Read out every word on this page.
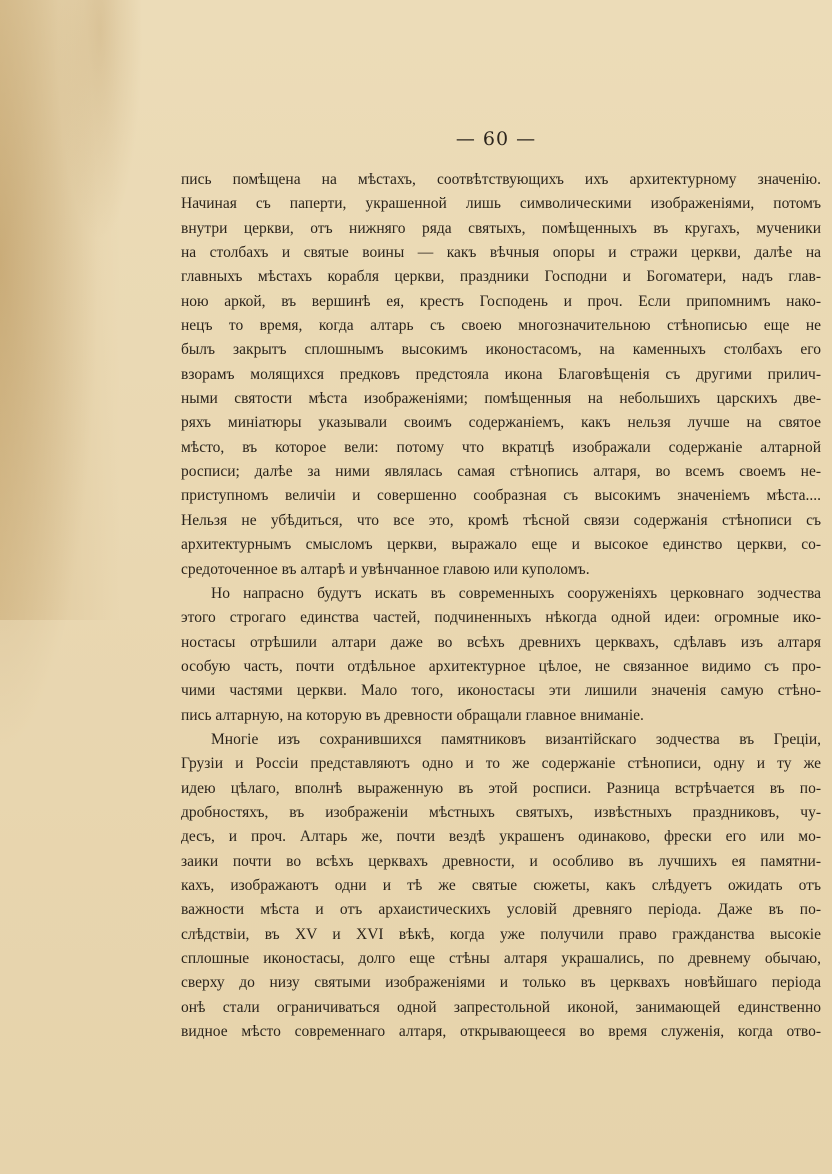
— 60 —
пись помѣщена на мѣстахъ, соотвѣтствующихъ ихъ архитектурному значенію.
Начиная съ паперти, украшенной лишь символическими изображеніями, потомъ
внутри церкви, отъ нижняго ряда святыхъ, помѣщенныхъ въ кругахъ, мученики
на столбахъ и святые воины — какъ вѣчныя опоры и стражи церкви, далѣе на
главныхъ мѣстахъ корабля церкви, праздники Господни и Богоматери, надъ глав-
ною аркой, въ вершинѣ ея, крестъ Господень и проч. Если припомнимъ нако-
нецъ то время, когда алтарь съ своею многозначительною стѣнописью еще не
былъ закрытъ сплошнымъ высокимъ иконостасомъ, на каменныхъ столбахъ его
взорамъ молящихся предковъ предстояла икона Благовѣщенія съ другими прилич-
ными святости мѣста изображеніями; помѣщенныя на небольшихъ царскихъ две-
ряхъ миніатюры указывали своимъ содержаніемъ, какъ нельзя лучше на святое
мѣсто, въ которое вели: потому что вкратцѣ изображали содержаніе алтарной
росписи; далѣе за ними являлась самая стѣнопись алтаря, во всемъ своемъ не-
приступномъ величіи и совершенно сообразная съ высокимъ значеніемъ мѣста....
Нельзя не убѣдиться, что все это, кромѣ тѣсной связи содержанія стѣнописи съ
архитектурнымъ смысломъ церкви, выражало еще и высокое единство церкви, со-
средоточенное въ алтарѣ и увѣнчанное главою или куполомъ.
Но напрасно будутъ искать въ современныхъ сооруженіяхъ церковнаго зодчества
этого строгаго единства частей, подчиненныхъ нѣкогда одной идеи: огромные ико-
ностасы отрѣшили алтари даже во всѣхъ древнихъ церквахъ, сдѣлавъ изъ алтаря
особую часть, почти отдѣльное архитектурное цѣлое, не связанное видимо съ про-
чими частями церкви. Мало того, иконостасы эти лишили значенія самую стѣно-
пись алтарную, на которую въ древности обращали главное вниманіе.
Многіе изъ сохранившихся памятниковъ византійскаго зодчества въ Греціи,
Грузіи и Россіи представляютъ одно и то же содержаніе стѣнописи, одну и ту же
идею цѣлаго, вполнѣ выраженную въ этой росписи. Разница встрѣчается въ по-
дробностяхъ, въ изображеніи мѣстныхъ святыхъ, извѣстныхъ праздниковъ, чу-
десъ, и проч. Алтарь же, почти вездѣ украшенъ одинаково, фрески его или мо-
заики почти во всѣхъ церквахъ древности, и особливо въ лучшихъ ея памятни-
кахъ, изображаютъ одни и тѣ же святые сюжеты, какъ слѣдуетъ ожидать отъ
важности мѣста и отъ архаистическихъ условій древняго періода. Даже въ по-
слѣдствіи, въ XV и XVI вѣкѣ, когда уже получили право гражданства высокіе
сплошные иконостасы, долго еще стѣны алтаря украшались, по древнему обычаю,
сверху до низу святыми изображеніями и только въ церквахъ новѣйшаго періода
онѣ стали ограничиваться одной запрестольной иконой, занимающей единственно
видное мѣсто современнаго алтаря, открывающееся во время служенія, когда отво-
